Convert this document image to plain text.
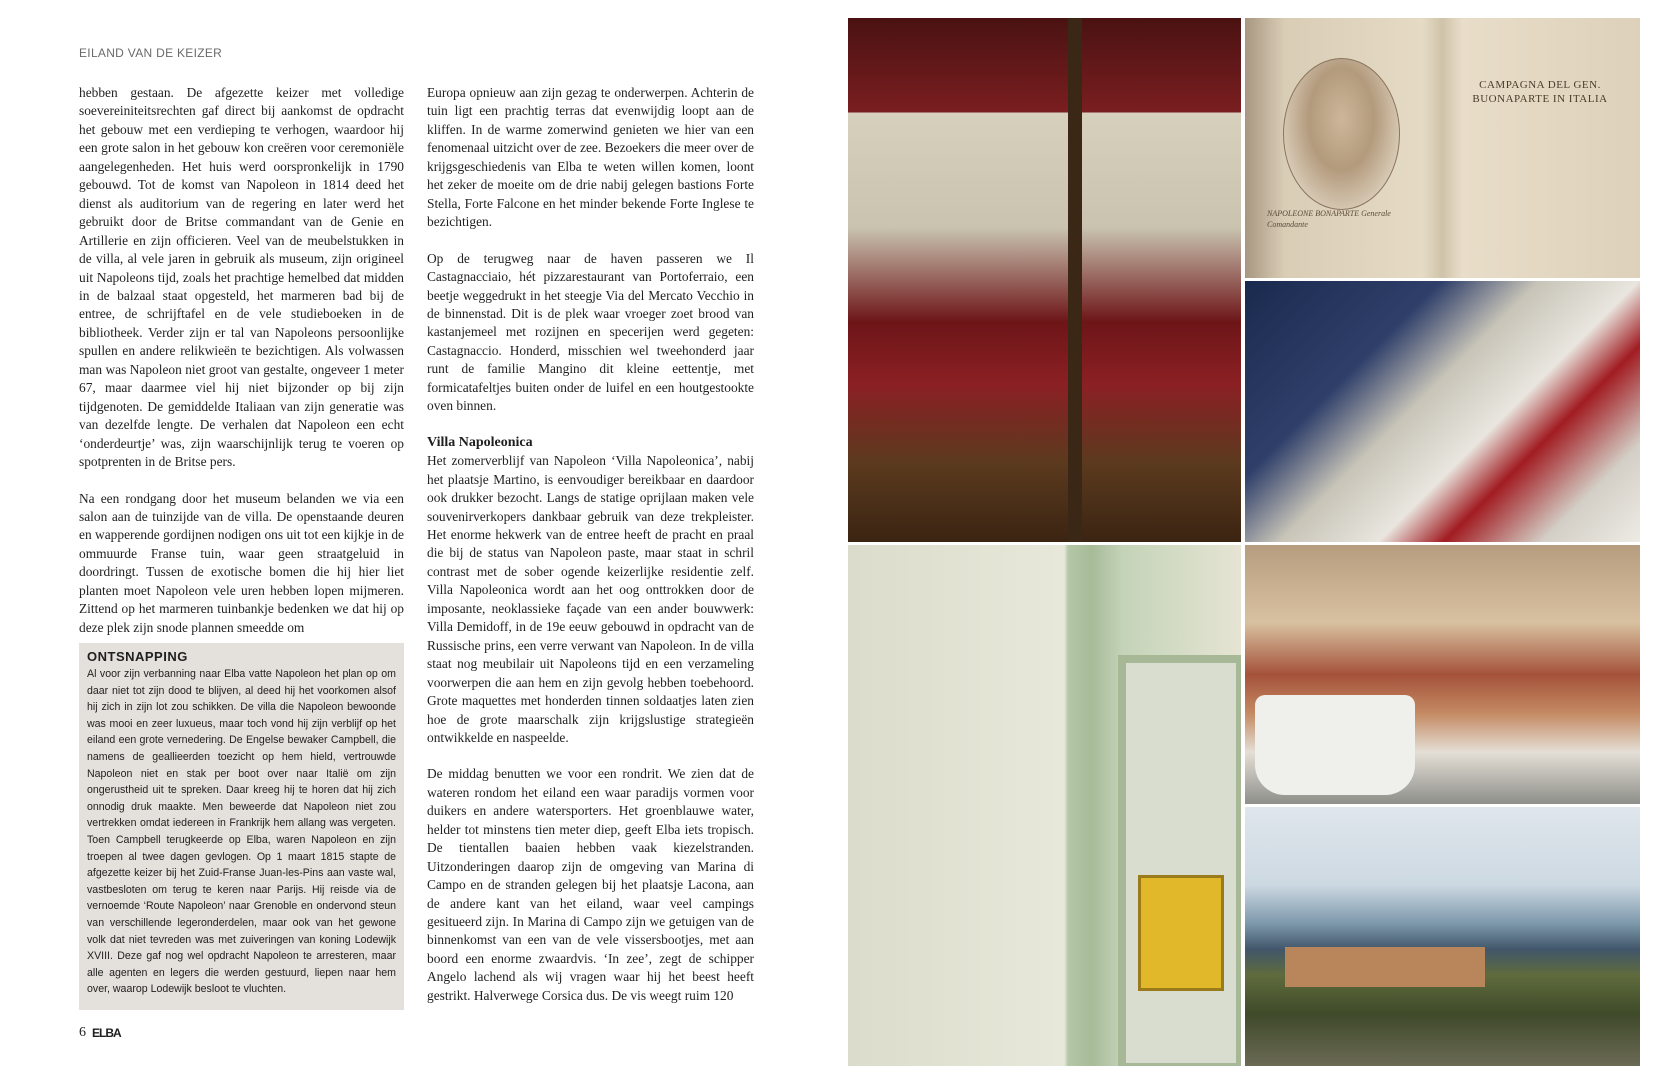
EILAND VAN DE KEIZER

hebben gestaan. De afgezette keizer met volledige soevereiniteitsrechten gaf direct bij aankomst de opdracht het gebouw met een verdieping te verhogen, waardoor hij een grote salon in het gebouw kon creëren voor ceremoniële aangelegenheden. Het huis werd oorspronkelijk in 1790 gebouwd. Tot de komst van Napoleon in 1814 deed het dienst als auditorium van de regering en later werd het gebruikt door de Britse commandant van de Genie en Artillerie en zijn officieren. Veel van de meubelstukken in de villa, al vele jaren in gebruik als museum, zijn origineel uit Napoleons tijd, zoals het prachtige hemelbed dat midden in de balzaal staat opgesteld, het marmeren bad bij de entree, de schrijftafel en de vele studieboeken in de bibliotheek. Verder zijn er tal van Napoleons persoonlijke spullen en andere relikwieën te bezichtigen. Als volwassen man was Napoleon niet groot van gestalte, ongeveer 1 meter 67, maar daarmee viel hij niet bijzonder op bij zijn tijdgenoten. De gemiddelde Italiaan van zijn generatie was van dezelfde lengte. De verhalen dat Napoleon een echt ‘onderdeurtje’ was, zijn waarschijnlijk terug te voeren op spotprenten in de Britse pers.

Na een rondgang door het museum belanden we via een salon aan de tuinzijde van de villa. De openstaande deuren en wapperende gordijnen nodigen ons uit tot een kijkje in de ommuurde Franse tuin, waar geen straatgeluid in doordringt. Tussen de exotische bomen die hij hier liet planten moet Napoleon vele uren hebben lopen mijmeren. Zittend op het marmeren tuinbankje bedenken we dat hij op deze plek zijn snode plannen smeedde om

ONTSNAPPING

Al voor zijn verbanning naar Elba vatte Napoleon het plan op om daar niet tot zijn dood te blijven, al deed hij het voorkomen alsof hij zich in zijn lot zou schikken. De villa die Napoleon bewoonde was mooi en zeer luxueus, maar toch vond hij zijn verblijf op het eiland een grote vernedering. De Engelse bewaker Campbell, die namens de geallieerden toezicht op hem hield, vertrouwde Napoleon niet en stak per boot over naar Italië om zijn ongerustheid uit te spreken. Daar kreeg hij te horen dat hij zich onnodig druk maakte. Men beweerde dat Napoleon niet zou vertrekken omdat iedereen in Frankrijk hem allang was vergeten. Toen Campbell terugkeerde op Elba, waren Napoleon en zijn troepen al twee dagen gevlogen. Op 1 maart 1815 stapte de afgezette keizer bij het Zuid-Franse Juan-les-Pins aan vaste wal, vastbesloten om terug te keren naar Parijs. Hij reisde via de vernoemde ‘Route Napoleon’ naar Grenoble en ondervond steun van verschillende legeronderdelen, maar ook van het gewone volk dat niet tevreden was met zuiveringen van koning Lodewijk XVIII. Deze gaf nog wel opdracht Napoleon te arresteren, maar alle agenten en legers die werden gestuurd, liepen naar hem over, waarop Lodewijk besloot te vluchten.

Europa opnieuw aan zijn gezag te onderwerpen. Achterin de tuin ligt een prachtig terras dat evenwijdig loopt aan de kliffen. In de warme zomerwind genieten we hier van een fenomenaal uitzicht over de zee. Bezoekers die meer over de krijgsgeschiedenis van Elba te weten willen komen, loont het zeker de moeite om de drie nabij gelegen bastions Forte Stella, Forte Falcone en het minder bekende Forte Inglese te bezichtigen.

Op de terugweg naar de haven passeren we Il Castagnacciaio, hét pizzarestaurant van Portoferraio, een beetje weggedrukt in het steegje Via del Mercato Vecchio in de binnenstad. Dit is de plek waar vroeger zoet brood van kastanjemeel met rozijnen en specerijen werd gegeten: Castagnaccio. Honderd, misschien wel tweehonderd jaar runt de familie Mangino dit kleine eettentje, met formicatafeltjes buiten onder de luifel en een houtgestookte oven binnen.

Villa Napoleonica

Het zomerverblijf van Napoleon ‘Villa Napoleonica’, nabij het plaatsje Martino, is eenvoudiger bereikbaar en daardoor ook drukker bezocht. Langs de statige oprijlaan maken vele souvenirverkopers dankbaar gebruik van deze trekpleister. Het enorme hekwerk van de entree heeft de pracht en praal die bij de status van Napoleon paste, maar staat in schril contrast met de sober ogende keizerlijke residentie zelf. Villa Napoleonica wordt aan het oog onttrokken door de imposante, neoklassieke façade van een ander bouwwerk: Villa Demidoff, in de 19e eeuw gebouwd in opdracht van de Russische prins, een verre verwant van Napoleon. In de villa staat nog meubilair uit Napoleons tijd en een verzameling voorwerpen die aan hem en zijn gevolg hebben toebehoord. Grote maquettes met honderden tinnen soldaatjes laten zien hoe de grote maarschalk zijn krijgslustige strategieën ontwikkelde en naspeelde.

De middag benutten we voor een rondrit. We zien dat de wateren rondom het eiland een waar paradijs vormen voor duikers en andere watersporters. Het groenblauwe water, helder tot minstens tien meter diep, geeft Elba iets tropisch. De tientallen baaien hebben vaak kiezelstranden. Uitzonderingen daarop zijn de omgeving van Marina di Campo en de stranden gelegen bij het plaatsje Lacona, aan de andere kant van het eiland, waar veel campings gesitueerd zijn. In Marina di Campo zijn we getuigen van de binnenkomst van een van de vele vissersbootjes, met aan boord een enorme zwaardvis. ‘In zee’, zegt de schipper Angelo lachend als wij vragen waar hij het beest heeft gestrikt. Halverwege Corsica dus. De vis weegt ruim 120

6 ELBA
CAMPAGNA DEL GEN. BUONAPARTE IN ITALIA
NAPOLEONE BONAPARTE Generale Comandante
